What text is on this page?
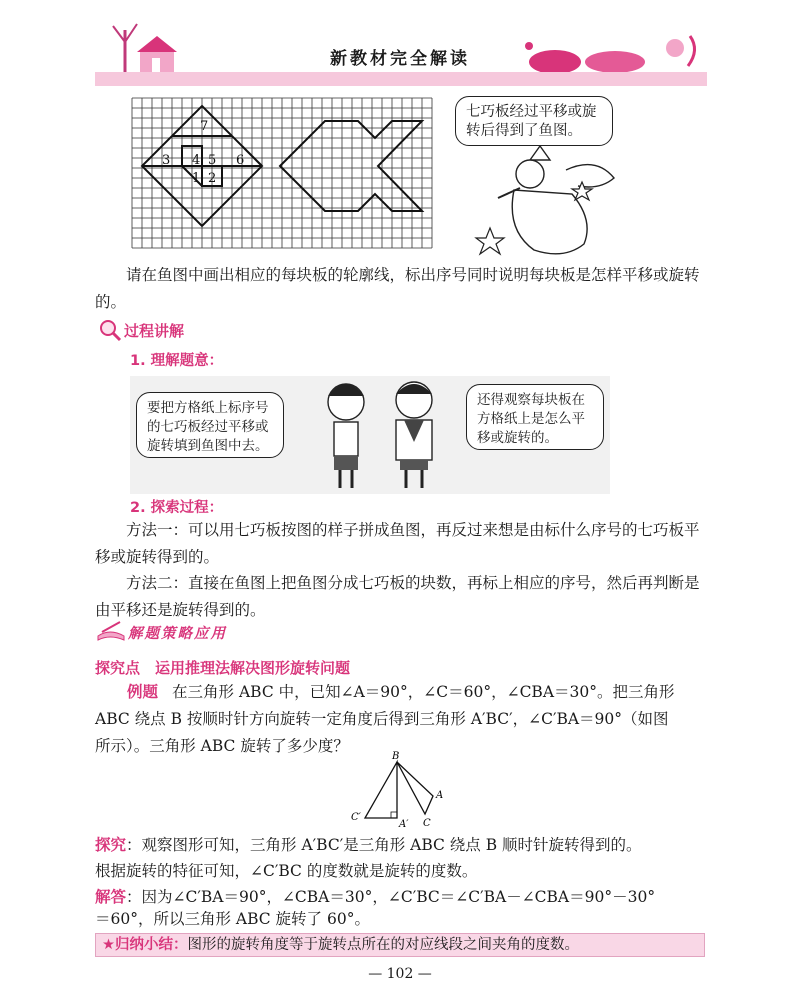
新教材完全解读
7
3 4 5 6
1 2
七巧板经过平移或旋转后得到了鱼图。
请在鱼图中画出相应的每块板的轮廓线，标出序号同时说明每块板是怎样平移或旋转的。
过程讲解
1. 理解题意：
要把方格纸上标序号的七巧板经过平移或旋转填到鱼图中去。
还得观察每块板在方格纸上是怎么平移或旋转的。
2. 探索过程：
方法一：可以用七巧板按图的样子拼成鱼图，再反过来想是由标什么序号的七巧板平移或旋转得到的。
方法二：直接在鱼图上把鱼图分成七巧板的块数，再标上相应的序号，然后再判断是由平移还是旋转得到的。
解题策略应用
探究点　运用推理法解决图形旋转问题
例题 在三角形 ABC 中，已知∠A＝90°，∠C＝60°，∠CBA＝30°。把三角形
ABC 绕点 B 按顺时针方向旋转一定角度后得到三角形 A′BC′，∠C′BA＝90°（如图
所示）。三角形 ABC 旋转了多少度？
B
A
C
C′
A′
探究：观察图形可知，三角形 A′BC′是三角形 ABC 绕点 B 顺时针旋转得到的。
根据旋转的特征可知，∠C′BC 的度数就是旋转的度数。
解答：因为∠C′BA＝90°，∠CBA＝30°，∠C′BC＝∠C′BA－∠CBA＝90°－30°
＝60°，所以三角形 ABC 旋转了 60°。
★归纳小结：图形的旋转角度等于旋转点所在的对应线段之间夹角的度数。
— 102 —
